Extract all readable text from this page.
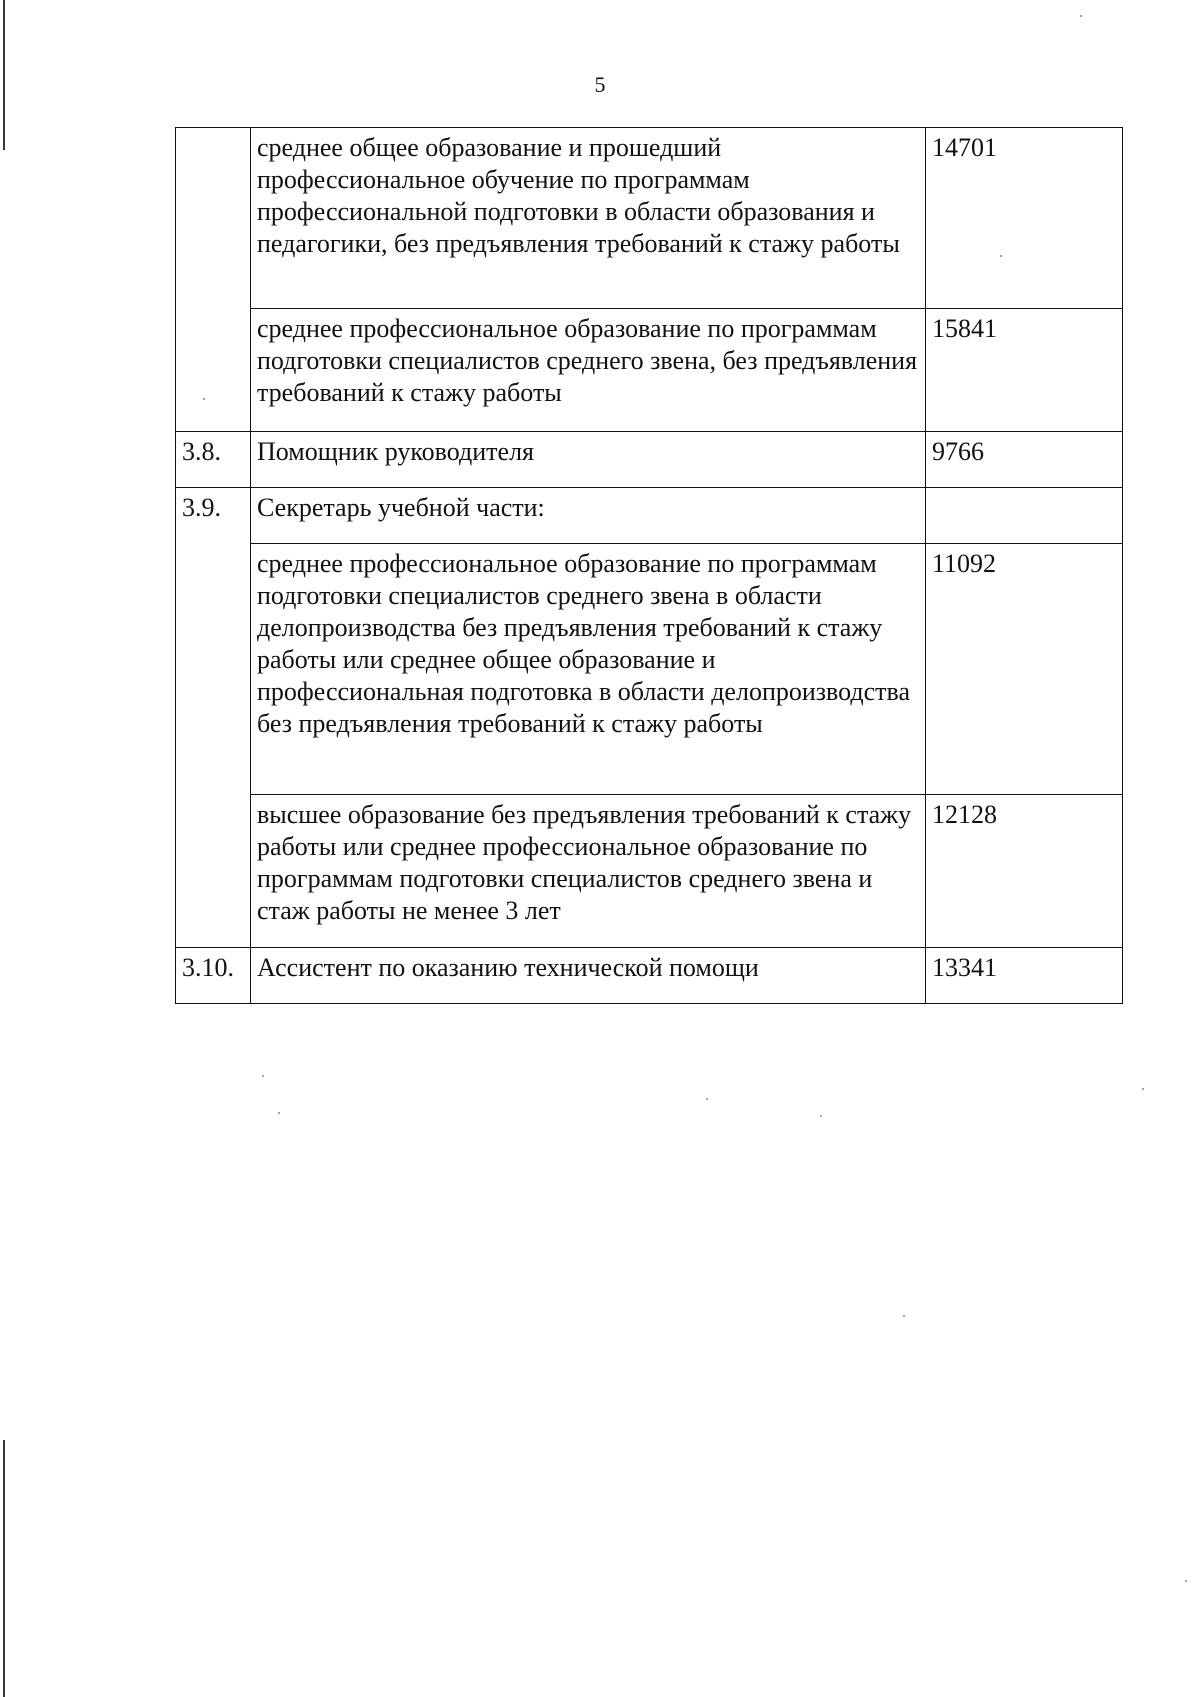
5
	среднее общее образование и прошедший профессиональное обучение по программам профессиональной подготовки в области образования и педагогики, без предъявления требований к стажу работы	14701
	среднее профессиональное образование по программам подготовки специалистов среднего звена, без предъявления требований к стажу работы	15841
3.8.	Помощник руководителя	9766
3.9.	Секретарь учебной части:	
	среднее профессиональное образование по программам подготовки специалистов среднего звена в области делопроизводства без предъявления требований к стажу работы или среднее общее образование и профессиональная подготовка в области делопроизводства без предъявления требований к стажу работы	11092
	высшее образование без предъявления требований к стажу работы или среднее профессиональное образование по программам подготовки специалистов среднего звена и стаж работы не менее 3 лет	12128
3.10.	Ассистент по оказанию технической помощи	13341
